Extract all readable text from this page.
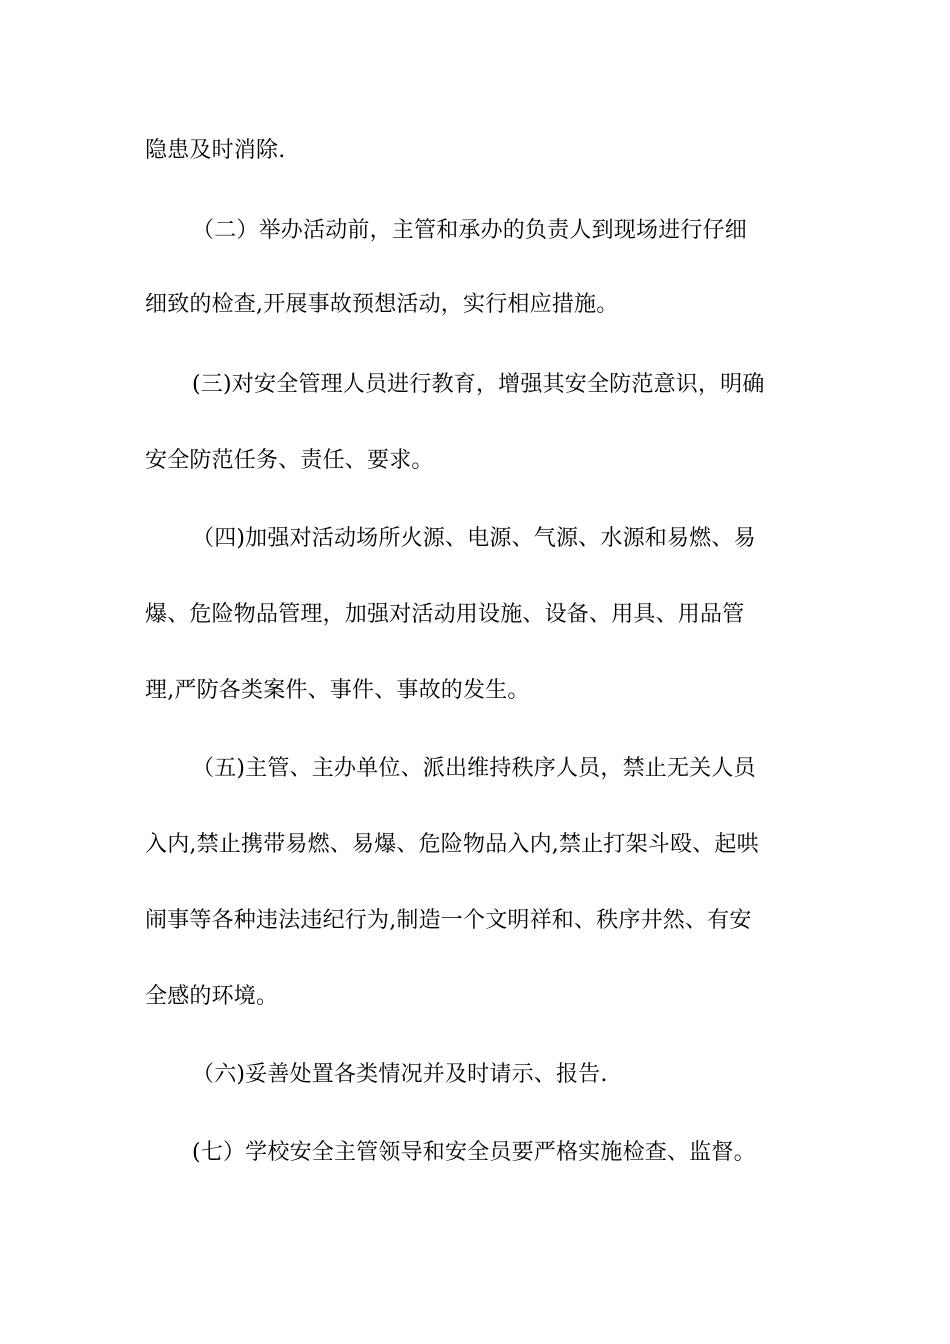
隐患及时消除.
（二）举办活动前，主管和承办的负责人到现场进行仔细
细致的检查,开展事故预想活动，实行相应措施。
(三)对安全管理人员进行教育，增强其安全防范意识，明确
安全防范任务、责任、要求。
（四)加强对活动场所火源、电源、气源、水源和易燃、易
爆、危险物品管理，加强对活动用设施、设备、用具、用品管
理,严防各类案件、事件、事故的发生。
（五)主管、主办单位、派出维持秩序人员，禁止无关人员
入内,禁止携带易燃、易爆、危险物品入内,禁止打架斗殴、起哄
闹事等各种违法违纪行为,制造一个文明祥和、秩序井然、有安
全感的环境。
（六)妥善处置各类情况并及时请示、报告.
(七）学校安全主管领导和安全员要严格实施检查、监督。
